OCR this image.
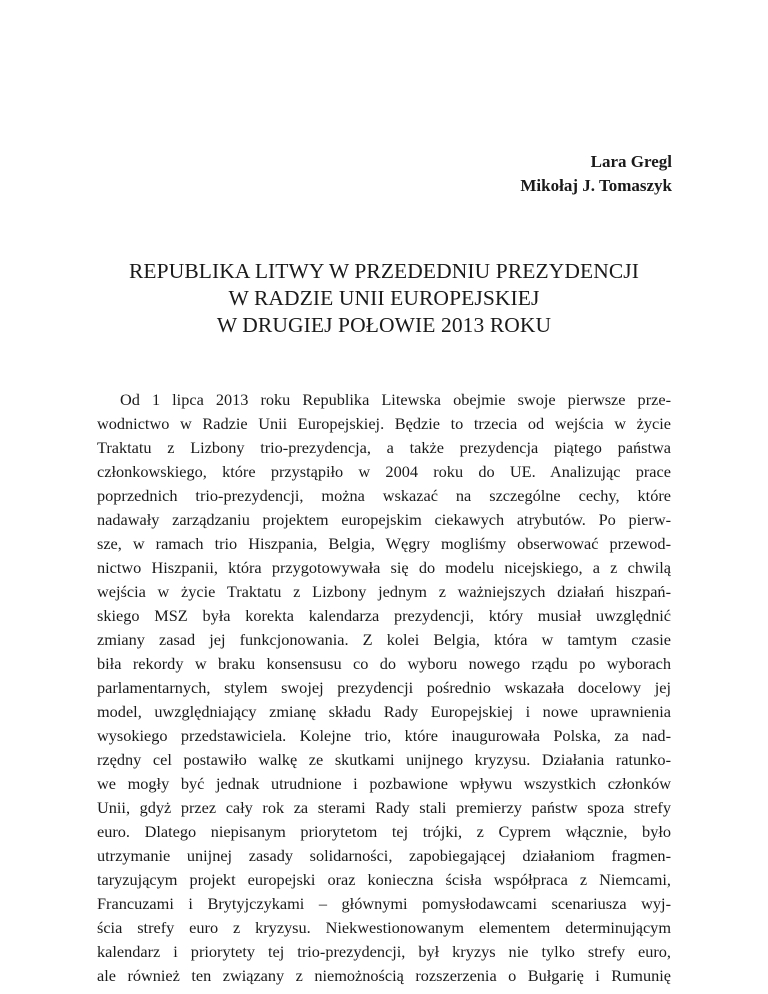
Lara Gregl
Mikołaj J. Tomaszyk
REPUBLIKA LITWY W PRZEDEDNIU PREZYDENCJI
W RADZIE UNII EUROPEJSKIEJ
W DRUGIEJ POŁOWIE 2013 ROKU
Od 1 lipca 2013 roku Republika Litewska obejmie swoje pierwsze prze-
wodnictwo w Radzie Unii Europejskiej. Będzie to trzecia od wejścia w życie
Traktatu z Lizbony trio-prezydencja, a także prezydencja piątego państwa
członkowskiego, które przystąpiło w 2004 roku do UE. Analizując prace
poprzednich trio-prezydencji, można wskazać na szczególne cechy, które
nadawały zarządzaniu projektem europejskim ciekawych atrybutów. Po pierw-
sze, w ramach trio Hiszpania, Belgia, Węgry mogliśmy obserwować przewod-
nictwo Hiszpanii, która przygotowywała się do modelu nicejskiego, a z chwilą
wejścia w życie Traktatu z Lizbony jednym z ważniejszych działań hiszpań-
skiego MSZ była korekta kalendarza prezydencji, który musiał uwzględnić
zmiany zasad jej funkcjonowania. Z kolei Belgia, która w tamtym czasie
biła rekordy w braku konsensusu co do wyboru nowego rządu po wyborach
parlamentarnych, stylem swojej prezydencji pośrednio wskazała docelowy jej
model, uwzględniający zmianę składu Rady Europejskiej i nowe uprawnienia
wysokiego przedstawiciela. Kolejne trio, które inaugurowała Polska, za nad-
rzędny cel postawiło walkę ze skutkami unijnego kryzysu. Działania ratunko-
we mogły być jednak utrudnione i pozbawione wpływu wszystkich członków
Unii, gdyż przez cały rok za sterami Rady stali premierzy państw spoza strefy
euro. Dlatego niepisanym priorytetom tej trójki, z Cyprem włącznie, było
utrzymanie unijnej zasady solidarności, zapobiegającej działaniom fragmen-
taryzującym projekt europejski oraz konieczna ścisła współpraca z Niemcami,
Francuzami i Brytyjczykami – głównymi pomysłodawcami scenariusza wyj-
ścia strefy euro z kryzysu. Niekwestionowanym elementem determinującym
kalendarz i priorytety tej trio-prezydencji, był kryzys nie tylko strefy euro,
ale również ten związany z niemożnością rozszerzenia o Bułgarię i Rumunię
